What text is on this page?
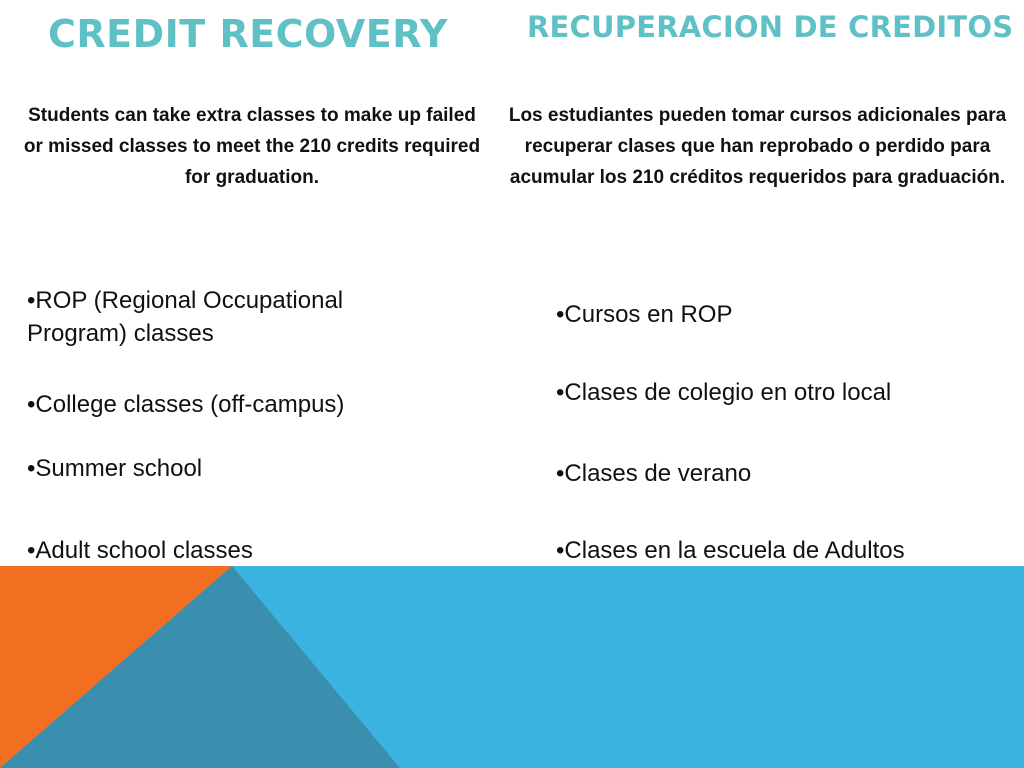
CREDIT RECOVERY	RECUPERACION DE CREDITOS

Students can take extra classes to make up failed or missed classes to meet the 210 credits required for graduation.

Los estudiantes pueden tomar cursos adicionales para recuperar clases que han reprobado o perdido para acumular los 210 créditos requeridos para graduación.

•ROP (Regional Occupational Program) classes

•College classes (off-campus)

•Summer school

•Adult school classes

•Cursos en ROP

•Clases de colegio en otro local

•Clases de verano

•Clases en la escuela de Adultos
